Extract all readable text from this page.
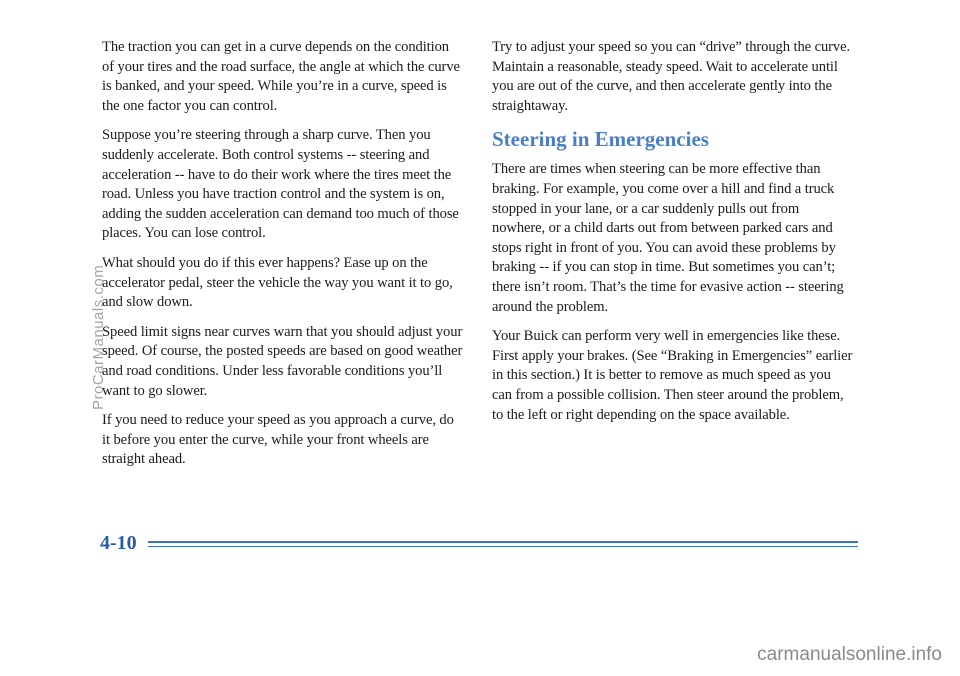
The traction you can get in a curve depends on the condition of your tires and the road surface, the angle at which the curve is banked, and your speed. While you’re in a curve, speed is the one factor you can control.

Suppose you’re steering through a sharp curve. Then you suddenly accelerate. Both control systems -- steering and acceleration -- have to do their work where the tires meet the road. Unless you have traction control and the system is on, adding the sudden acceleration can demand too much of those places. You can lose control.

What should you do if this ever happens? Ease up on the accelerator pedal, steer the vehicle the way you want it to go, and slow down.

Speed limit signs near curves warn that you should adjust your speed. Of course, the posted speeds are based on good weather and road conditions. Under less favorable conditions you’ll want to go slower.

If you need to reduce your speed as you approach a curve, do it before you enter the curve, while your front wheels are straight ahead.

Try to adjust your speed so you can “drive” through the curve. Maintain a reasonable, steady speed. Wait to accelerate until you are out of the curve, and then accelerate gently into the straightaway.

Steering in Emergencies

There are times when steering can be more effective than braking. For example, you come over a hill and find a truck stopped in your lane, or a car suddenly pulls out from nowhere, or a child darts out from between parked cars and stops right in front of you. You can avoid these problems by braking -- if you can stop in time. But sometimes you can’t; there isn’t room. That’s the time for evasive action -- steering around the problem.

Your Buick can perform very well in emergencies like these. First apply your brakes. (See “Braking in Emergencies” earlier in this section.) It is better to remove as much speed as you can from a possible collision. Then steer around the problem, to the left or right depending on the space available.

4-10
ProCarManuals.com
carmanualsonline.info
